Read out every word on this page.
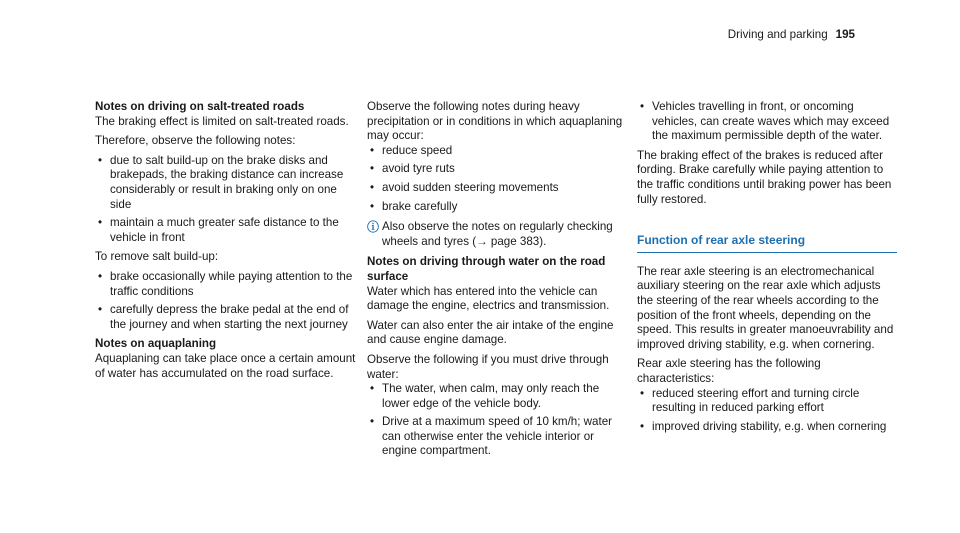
Driving and parking 195
Notes on driving on salt-treated roads

The braking effect is limited on salt-treated roads.

Therefore, observe the following notes:

• due to salt build-up on the brake disks and brakepads, the braking distance can increase considerably or result in braking only on one side
• maintain a much greater safe distance to the vehicle in front

To remove salt build-up:

• brake occasionally while paying attention to the traffic conditions
• carefully depress the brake pedal at the end of the journey and when starting the next journey
Notes on aquaplaning

Aquaplaning can take place once a certain amount of water has accumulated on the road surface.

Observe the following notes during heavy precipitation or in conditions in which aquaplaning may occur:

• reduce speed
• avoid tyre ruts
• avoid sudden steering movements
• brake carefully
ⓘ Also observe the notes on regularly checking wheels and tyres (→ page 383).
Notes on driving through water on the road surface

Water which has entered into the vehicle can damage the engine, electrics and transmission.

Water can also enter the air intake of the engine and cause engine damage.

Observe the following if you must drive through water:

• The water, when calm, may only reach the lower edge of the vehicle body.
• Drive at a maximum speed of 10 km/h; water can otherwise enter the vehicle interior or engine compartment.
• Vehicles travelling in front, or oncoming vehicles, can create waves which may exceed the maximum permissible depth of the water.

The braking effect of the brakes is reduced after fording. Brake carefully while paying attention to the traffic conditions until braking power has been fully restored.

Function of rear axle steering

The rear axle steering is an electromechanical auxiliary steering on the rear axle which adjusts the steering of the rear wheels according to the position of the front wheels, depending on the speed. This results in greater manoeuvrability and improved driving stability, e.g. when cornering.

Rear axle steering has the following characteristics:

• reduced steering effort and turning circle resulting in reduced parking effort
• improved driving stability, e.g. when cornering
